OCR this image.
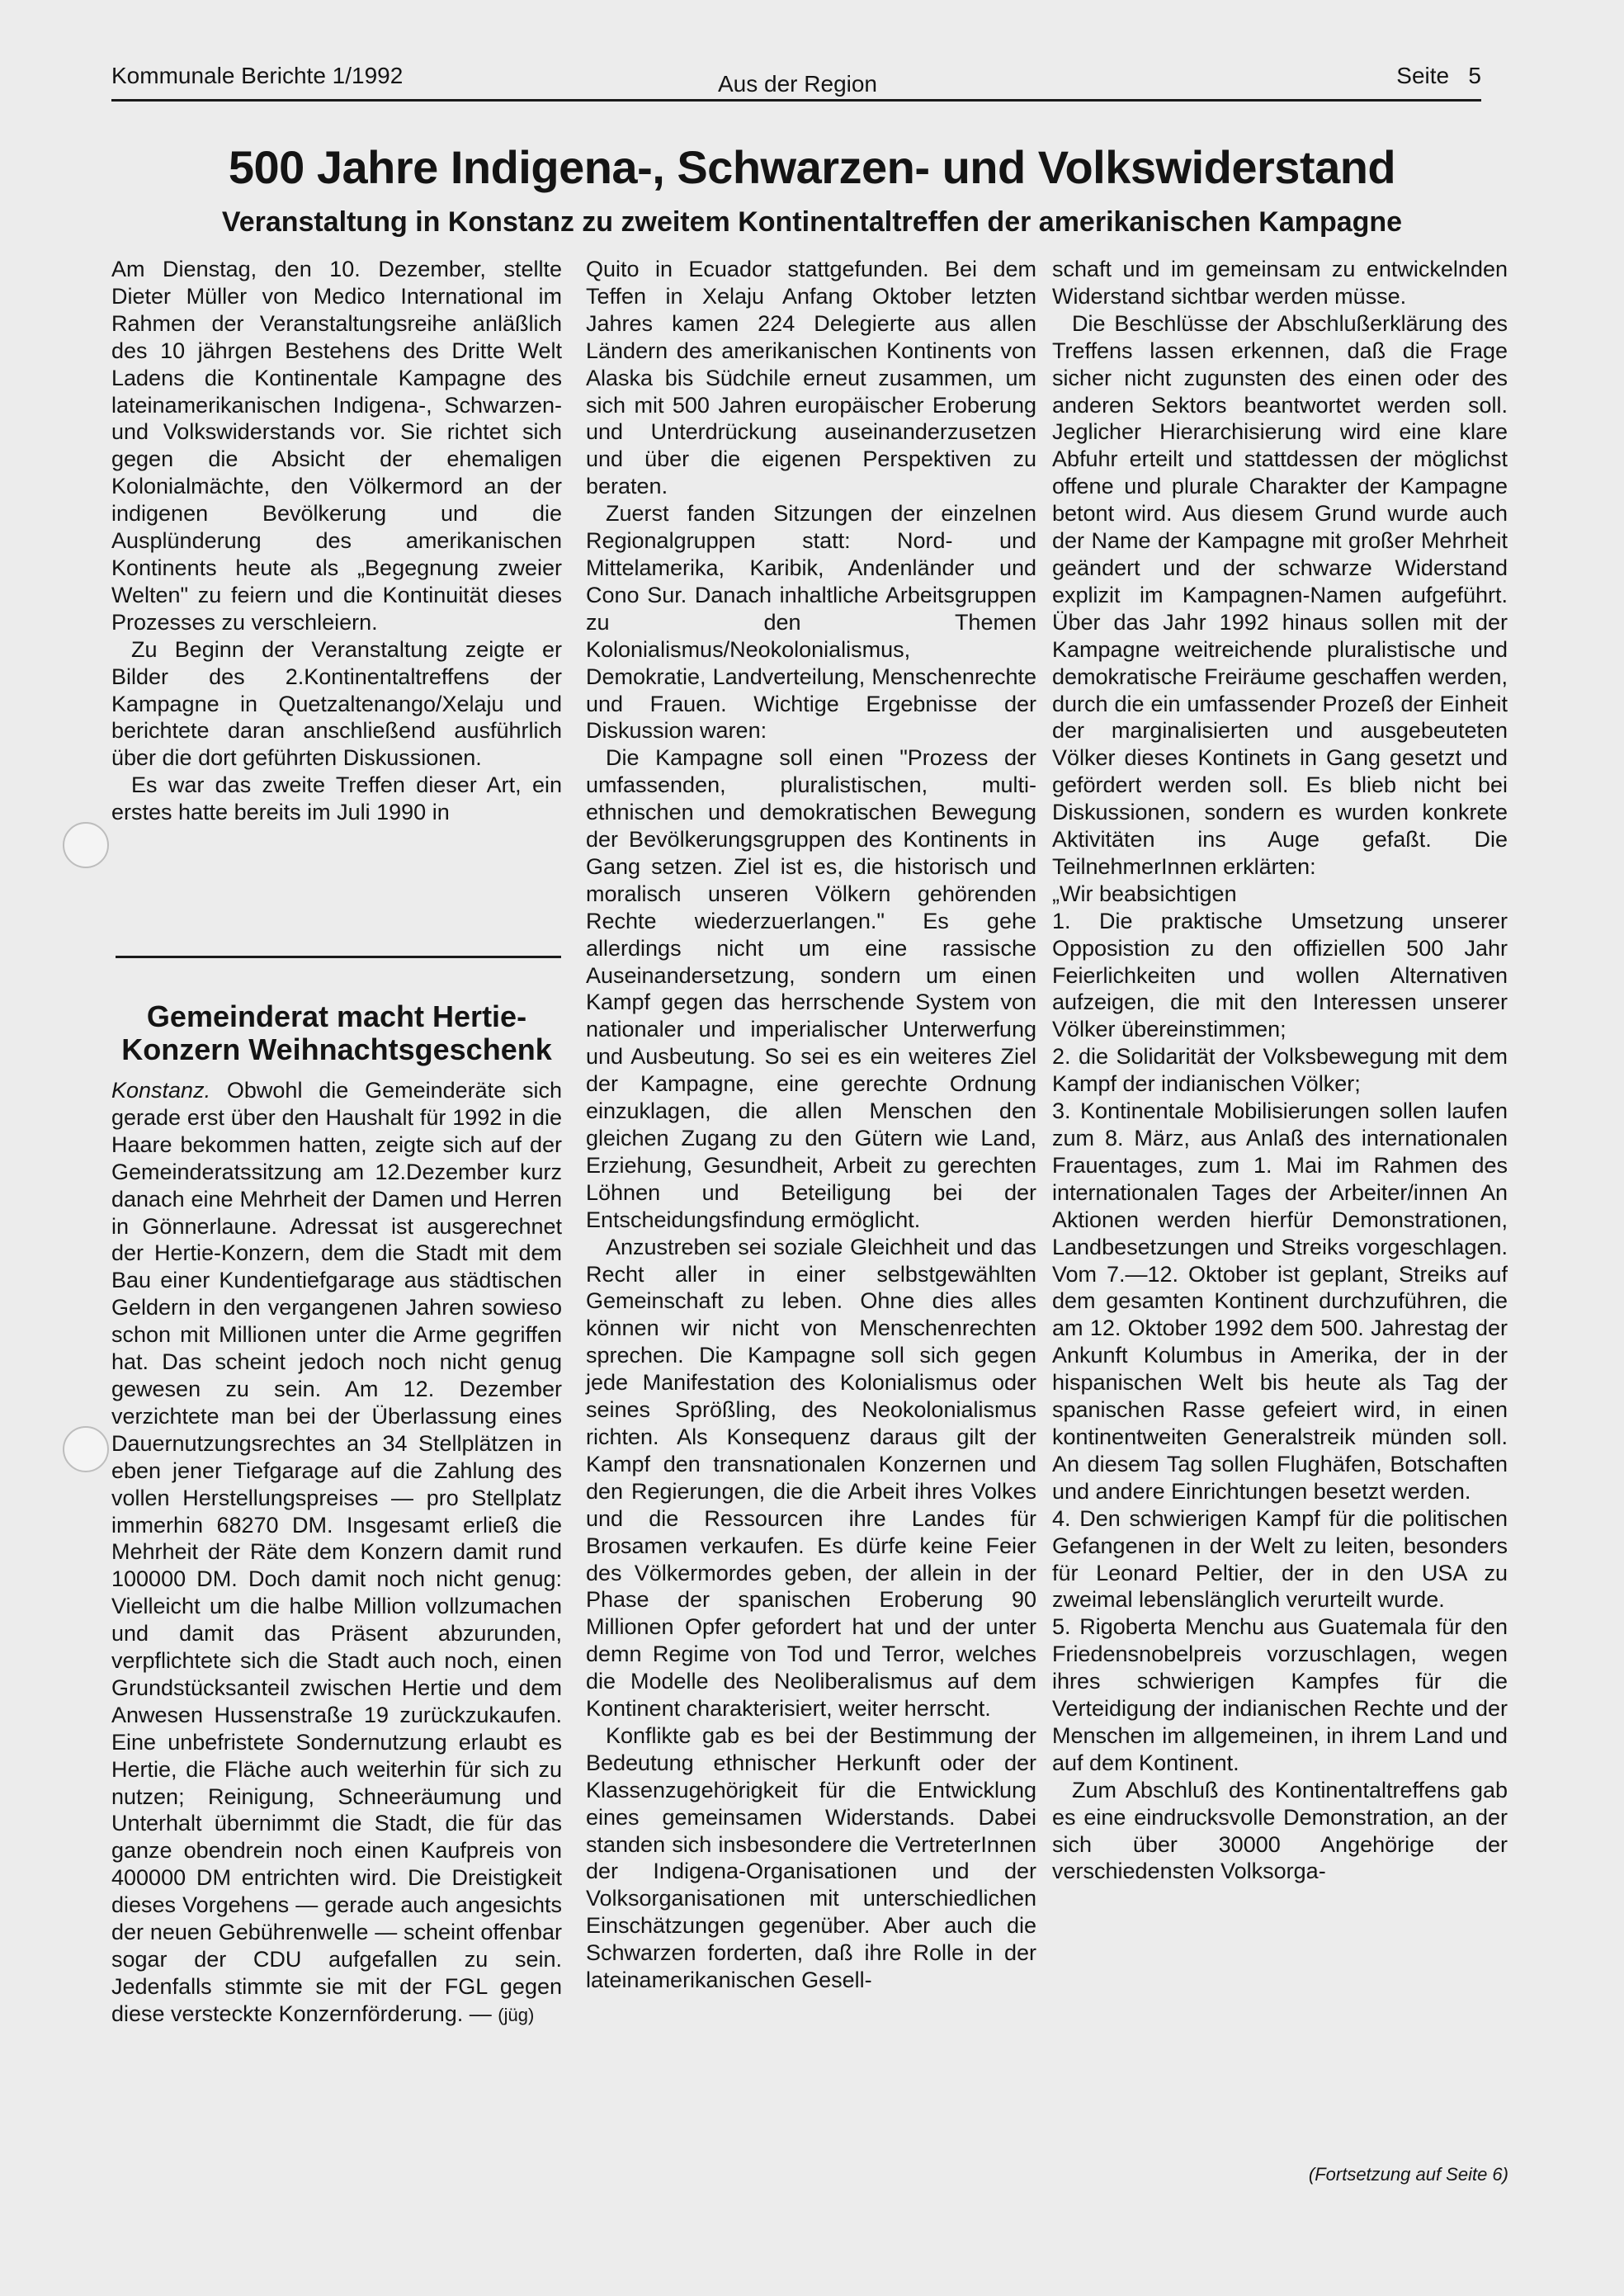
Kommunale Berichte 1/1992	Aus der Region	Seite   5
500 Jahre Indigena-, Schwarzen- und Volkswiderstand
Veranstaltung in Konstanz zu zweitem Kontinentaltreffen der amerikanischen Kampagne

Am Dienstag, den 10. Dezember, stellte Dieter Müller von Medico International im Rahmen der Veranstaltungsreihe anläßlich des 10 jährgen Bestehens des Dritte Welt Ladens die Kontinentale Kampagne des lateinamerikanischen Indigena-, Schwarzen- und Volkswiderstands vor. Sie richtet sich gegen die Absicht der ehemaligen Kolonialmächte, den Völkermord an der indigenen Bevölkerung und die Ausplünderung des amerikanischen Kontinents heute als „Begegnung zweier Welten" zu feiern und die Kontinuität dieses Prozesses zu verschleiern.

Zu Beginn der Veranstaltung zeigte er Bilder des 2.Kontinentaltreffens der Kampagne in Quetzaltenango/Xelaju und berichtete daran anschließend ausführlich über die dort geführten Diskussionen.

Es war das zweite Treffen dieser Art, ein erstes hatte bereits im Juli 1990 in

Gemeinderat macht Hertie-Konzern Weihnachtsgeschenk

Konstanz. Obwohl die Gemeinderäte sich gerade erst über den Haushalt für 1992 in die Haare bekommen hatten, zeigte sich auf der Gemeinderatssitzung am 12.Dezember kurz danach eine Mehrheit der Damen und Herren in Gönnerlaune. Adressat ist ausgerechnet der Hertie-Konzern, dem die Stadt mit dem Bau einer Kundentiefgarage aus städtischen Geldern in den vergangenen Jahren sowieso schon mit Millionen unter die Arme gegriffen hat. Das scheint jedoch noch nicht genug gewesen zu sein. Am 12. Dezember verzichtete man bei der Überlassung eines Dauernutzungsrechtes an 34 Stellplätzen in eben jener Tiefgarage auf die Zahlung des vollen Herstellungspreises — pro Stellplatz immerhin 68270 DM. Insgesamt erließ die Mehrheit der Räte dem Konzern damit rund 100000 DM. Doch damit noch nicht genug: Vielleicht um die halbe Million vollzumachen und damit das Präsent abzurunden, verpflichtete sich die Stadt auch noch, einen Grundstücksanteil zwischen Hertie und dem Anwesen Hussenstraße 19 zurückzukaufen. Eine unbefristete Sondernutzung erlaubt es Hertie, die Fläche auch weiterhin für sich zu nutzen; Reinigung, Schneeräumung und Unterhalt übernimmt die Stadt, die für das ganze obendrein noch einen Kaufpreis von 400000 DM entrichten wird. Die Dreistigkeit dieses Vorgehens — gerade auch angesichts der neuen Gebührenwelle — scheint offenbar sogar der CDU aufgefallen zu sein. Jedenfalls stimmte sie mit der FGL gegen diese versteckte Konzernförderung. — (jüg)

Quito in Ecuador stattgefunden. Bei dem Teffen in Xelaju Anfang Oktober letzten Jahres kamen 224 Delegierte aus allen Ländern des amerikanischen Kontinents von Alaska bis Südchile erneut zusammen, um sich mit 500 Jahren europäischer Eroberung und Unterdrückung auseinanderzusetzen und über die eigenen Perspektiven zu beraten.

Zuerst fanden Sitzungen der einzelnen Regionalgruppen statt: Nord- und Mittelamerika, Karibik, Andenländer und Cono Sur. Danach inhaltliche Arbeitsgruppen zu den Themen Kolonialismus/Neokolonialismus, Demokratie, Landverteilung, Menschenrechte und Frauen. Wichtige Ergebnisse der Diskussion waren:

Die Kampagne soll einen "Prozess der umfassenden, pluralistischen, multi-ethnischen und demokratischen Bewegung der Bevölkerungsgruppen des Kontinents in Gang setzen. Ziel ist es, die historisch und moralisch unseren Völkern gehörenden Rechte wiederzuerlangen." Es gehe allerdings nicht um eine rassische Auseinandersetzung, sondern um einen Kampf gegen das herrschende System von nationaler und imperialischer Unterwerfung und Ausbeutung. So sei es ein weiteres Ziel der Kampagne, eine gerechte Ordnung einzuklagen, die allen Menschen den gleichen Zugang zu den Gütern wie Land, Erziehung, Gesundheit, Arbeit zu gerechten Löhnen und Beteiligung bei der Entscheidungsfindung ermöglicht.

Anzustreben sei soziale Gleichheit und das Recht aller in einer selbstgewählten Gemeinschaft zu leben. Ohne dies alles können wir nicht von Menschenrechten sprechen. Die Kampagne soll sich gegen jede Manifestation des Kolonialismus oder seines Sprößling, des Neokolonialismus richten. Als Konsequenz daraus gilt der Kampf den transnationalen Konzernen und den Regierungen, die die Arbeit ihres Volkes und die Ressourcen ihre Landes für Brosamen verkaufen. Es dürfe keine Feier des Völkermordes geben, der allein in der Phase der spanischen Eroberung 90 Millionen Opfer gefordert hat und der unter demn Regime von Tod und Terror, welches die Modelle des Neoliberalismus auf dem Kontinent charakterisiert, weiter herrscht.

Konflikte gab es bei der Bestimmung der Bedeutung ethnischer Herkunft oder der Klassenzugehörigkeit für die Entwicklung eines gemeinsamen Widerstands. Dabei standen sich insbesondere die VertreterInnen der Indigena-Organisationen und der Volksorganisationen mit unterschiedlichen Einschätzungen gegenüber. Aber auch die Schwarzen forderten, daß ihre Rolle in der lateinamerikanischen Gesell-

schaft und im gemeinsam zu entwickelnden Widerstand sichtbar werden müsse.

Die Beschlüsse der Abschlußerklärung des Treffens lassen erkennen, daß die Frage sicher nicht zugunsten des einen oder des anderen Sektors beantwortet werden soll. Jeglicher Hierarchisierung wird eine klare Abfuhr erteilt und stattdessen der möglichst offene und plurale Charakter der Kampagne betont wird. Aus diesem Grund wurde auch der Name der Kampagne mit großer Mehrheit geändert und der schwarze Widerstand explizit im Kampagnen-Namen aufgeführt. Über das Jahr 1992 hinaus sollen mit der Kampagne weitreichende pluralistische und demokratische Freiräume geschaffen werden, durch die ein umfassender Prozeß der Einheit der marginalisierten und ausgebeuteten Völker dieses Kontinets in Gang gesetzt und gefördert werden soll. Es blieb nicht bei Diskussionen, sondern es wurden konkrete Aktivitäten ins Auge gefaßt. Die TeilnehmerInnen erklärten:

„Wir beabsichtigen

1. Die praktische Umsetzung unserer Opposistion zu den offiziellen 500 Jahr Feierlichkeiten und wollen Alternativen aufzeigen, die mit den Interessen unserer Völker übereinstimmen;

2. die Solidarität der Volksbewegung mit dem Kampf der indianischen Völker;

3. Kontinentale Mobilisierungen sollen laufen zum 8. März, aus Anlaß des internationalen Frauentages, zum 1. Mai im Rahmen des internationalen Tages der Arbeiter/innen An Aktionen werden hierfür Demonstrationen, Landbesetzungen und Streiks vorgeschlagen. Vom 7.—12. Oktober ist geplant, Streiks auf dem gesamten Kontinent durchzuführen, die am 12. Oktober 1992 dem 500. Jahrestag der Ankunft Kolumbus in Amerika, der in der hispanischen Welt bis heute als Tag der spanischen Rasse gefeiert wird, in einen kontinentweiten Generalstreik münden soll. An diesem Tag sollen Flughäfen, Botschaften und andere Einrichtungen besetzt werden.

4. Den schwierigen Kampf für die politischen Gefangenen in der Welt zu leiten, besonders für Leonard Peltier, der in den USA zu zweimal lebenslänglich verurteilt wurde.

5. Rigoberta Menchu aus Guatemala für den Friedensnobelpreis vorzuschlagen, wegen ihres schwierigen Kampfes für die Verteidigung der indianischen Rechte und der Menschen im allgemeinen, in ihrem Land und auf dem Kontinent.

Zum Abschluß des Kontinentaltreffens gab es eine eindrucksvolle Demonstration, an der sich über 30000 Angehörige der verschiedensten Volksorga-

(Fortsetzung auf Seite 6)
